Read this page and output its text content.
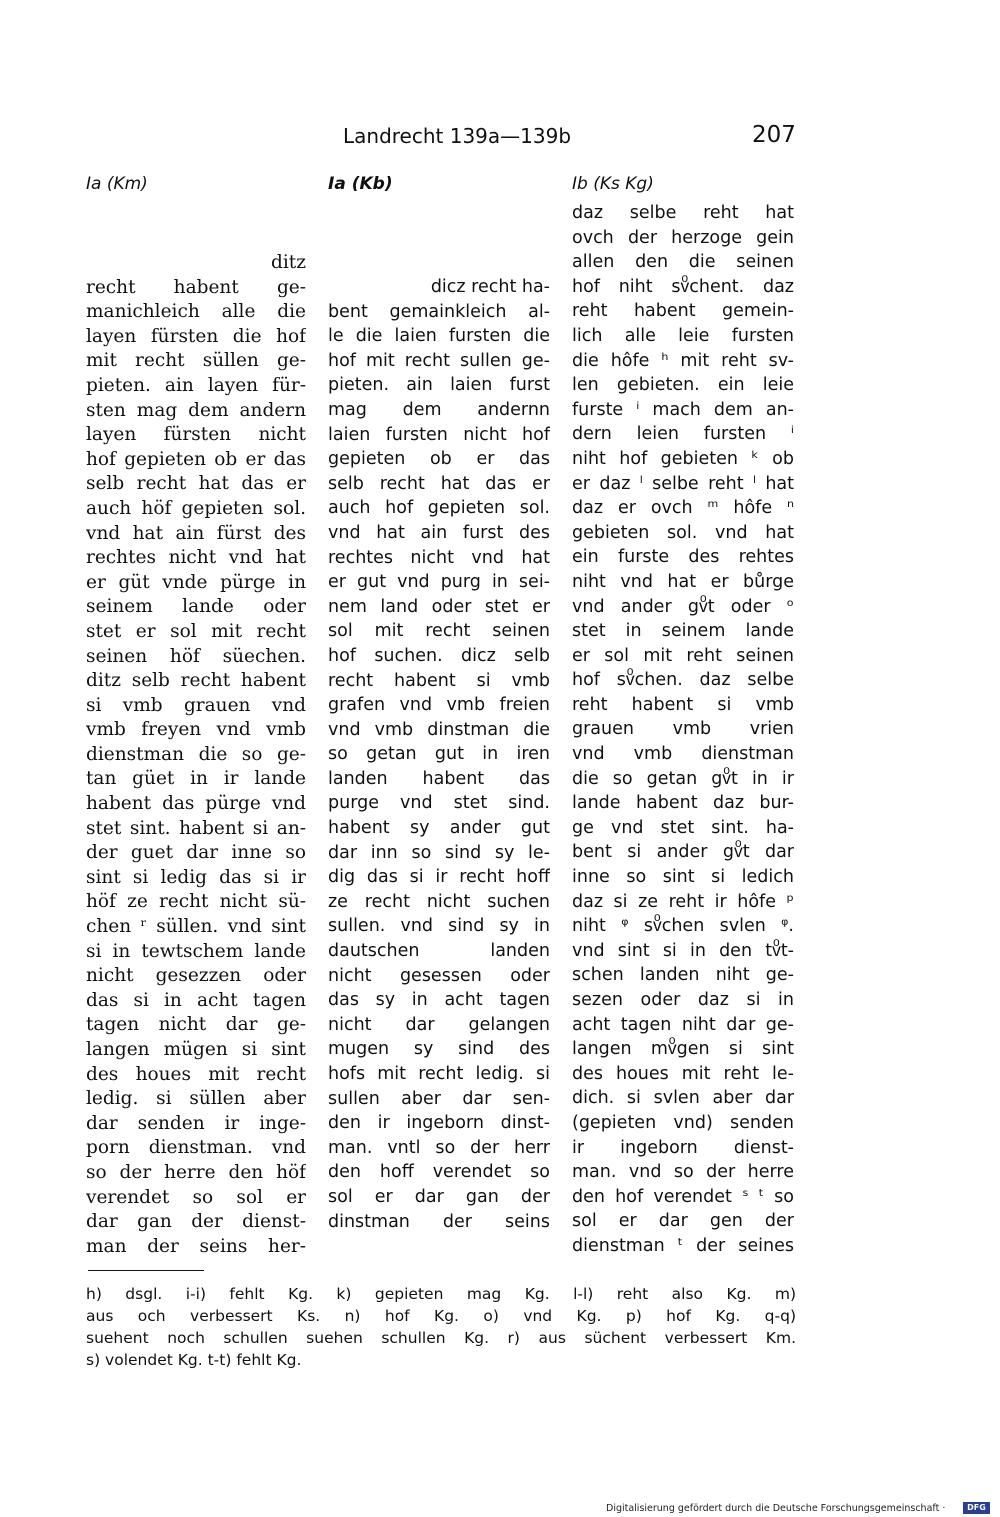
Landrecht 139a—139b	207
Ia (Km)	Ia (Kb)	Ib (Ks Kg)
ditz
recht habent ge-
manichleich alle die
layen fürsten die hof
mit recht süllen ge-
pieten. ain layen für-
sten mag dem andern
layen fürsten nicht
hof gepieten ob er das
selb recht hat das er
auch höf gepieten sol.
vnd hat ain fürst des
rechtes nicht vnd hat
er güt vnde pürge in
seinem lande oder
stet er sol mit recht
seinen höf süechen.
ditz selb recht habent
si vmb grauen vnd
vmb freyen vnd vmb
dienstman die so ge-
tan güet in ir lande
habent das pürge vnd
stet sint. habent si an-
der guet dar inne so
sint si ledig das si ir
höf ze recht nicht sü-
chen ʳ süllen. vnd sint
si in tewtschem lande
nicht gesezzen oder
das si in acht tagen
tagen nicht dar ge-
langen mügen si sint
des houes mit recht
ledig. si süllen aber
dar senden ir inge-
porn dienstman. vnd
so der herre den höf
verendet so sol er
dar gan der dienst-
man der seins her-
dicz recht ha-
bent gemainkleich al-
le die laien fursten die
hof mit recht sullen ge-
pieten. ain laien furst
mag dem andernn
laien fursten nicht hof
gepieten ob er das
selb recht hat das er
auch hof gepieten sol.
vnd hat ain furst des
rechtes nicht vnd hat
er gut vnd purg in sei-
nem land oder stet er
sol mit recht seinen
hof suchen. dicz selb
recht habent si vmb
grafen vnd vmb freien
vnd vmb dinstman die
so getan gut in iren
landen habent das
purge vnd stet sind.
habent sy ander gut
dar inn so sind sy le-
dig das si ir recht hoff
ze recht nicht suchen
sullen. vnd sind sy in
dautschen landen
nicht gesessen oder
das sy in acht tagen
nicht dar gelangen
mugen sy sind des
hofs mit recht ledig. si
sullen aber dar sen-
den ir ingeborn dinst-
man. vntl so der herr
den hoff verendet so
sol er dar gan der
dinstman der seins
daz selbe reht hat
ovch der herzoge gein
allen den die seinen
hof niht svͦchent. daz
reht habent gemein-
lich alle leie fursten
die hôfe ʰ mit reht sv-
len gebieten. ein leie
furste ⁱ mach dem an-
dern leien fursten ⁱ
niht hof gebieten ᵏ ob
er daz ˡ selbe reht ˡ hat
daz er ovch ᵐ hôfe ⁿ
gebieten sol. vnd hat
ein furste des rehtes
niht vnd hat er bůrge
vnd ander gvͦt oder ᵒ
stet in seinem lande
er sol mit reht seinen
hof svͦchen. daz selbe
reht habent si vmb
grauen vmb vrien
vnd vmb dienstman
die so getan gvͦt in ir
lande habent daz bur-
ge vnd stet sint. ha-
bent si ander gvͦt dar
inne so sint si ledich
daz si ze reht ir hôfe ᵖ
niht ᵠ svͦchen svlen ᵠ.
vnd sint si in den tvͦt-
schen landen niht ge-
sezen oder daz si in
acht tagen niht dar ge-
langen mvͦgen si sint
des houes mit reht le-
dich. si svlen aber dar
(gepieten vnd) senden
ir ingeborn dienst-
man. vnd so der herre
den hof verendet ˢ ᵗ so
sol er dar gen der
dienstman ᵗ der seines
h) dsgl. i-i) fehlt Kg. k) gepieten mag Kg. l-l) reht also Kg. m)
aus och verbessert Ks. n) hof Kg. o) vnd Kg. p) hof Kg. q-q)
suehent noch schullen suehen schullen Kg. r) aus süchent verbessert Km.
s) volendet Kg. t-t) fehlt Kg.
Digitalisierung gefördert durch die Deutsche Forschungsgemeinschaft ·	DFG
